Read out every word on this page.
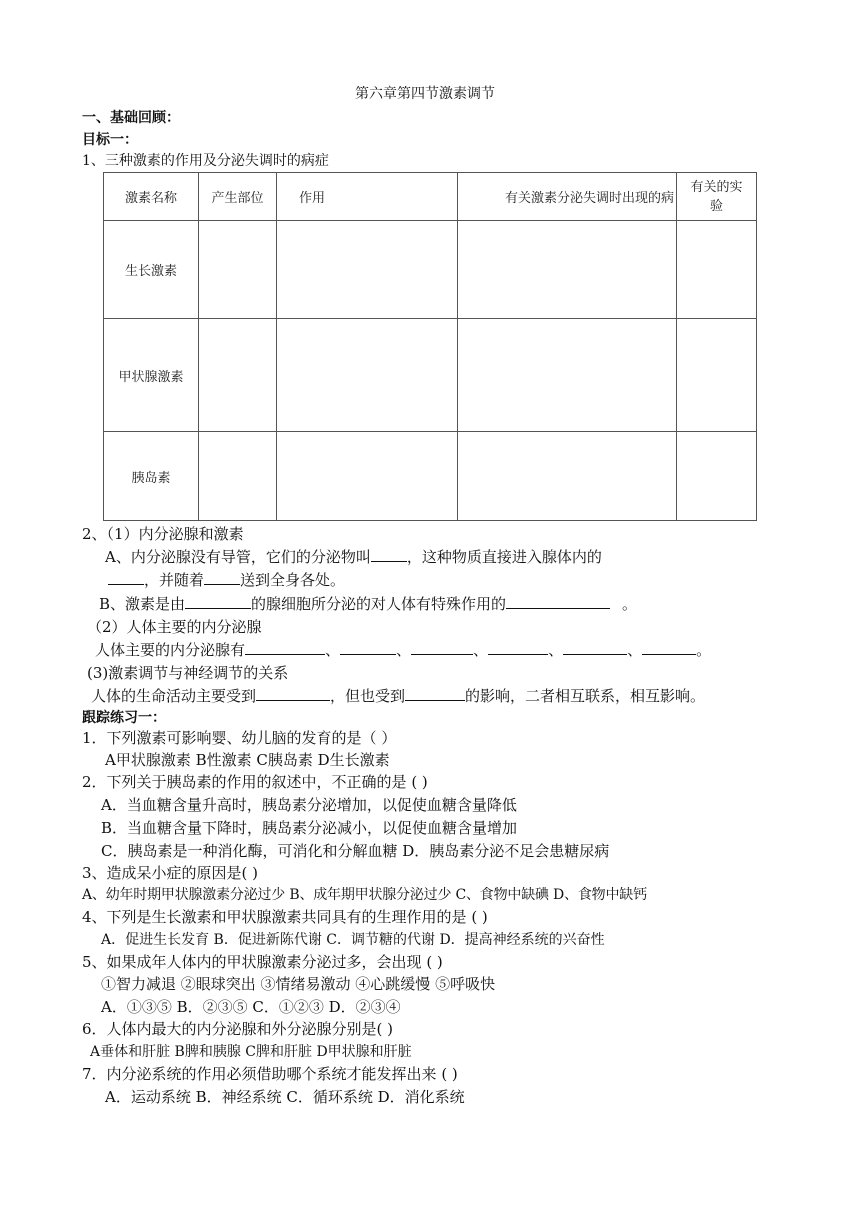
第六章第四节激素调节
一、基础回顾：
目标一：
1、三种激素的作用及分泌失调时的病症
激素名称	产生部位	作用	有关激素分泌失调时出现的病	有关的实
验
生长激素				
甲状腺激素				
胰岛素				
2、（1）内分泌腺和激素
A、内分泌腺没有导管，它们的分泌物叫 ，这种物质直接进入腺体内的
，并随着 送到全身各处。
B、激素是由	的腺细胞所分泌的对人体有特殊作用的	。
（2）人体主要的内分泌腺
人体主要的内分泌腺有	、	、	、	、	、	。
(3)激素调节与神经调节的关系
人体的生命活动主要受到	，但也受到	的影响，二者相互联系，相互影响。
跟踪练习一：
1．下列激素可影响婴、幼儿脑的发育的是（ ）
A甲状腺激素 B性激素 C胰岛素 D生长激素
2．下列关于胰岛素的作用的叙述中，不正确的是 ( )
A．当血糖含量升高时，胰岛素分泌增加，以促使血糖含量降低
B．当血糖含量下降时，胰岛素分泌减小，以促使血糖含量增加
C．胰岛素是一种消化酶，可消化和分解血糖 D．胰岛素分泌不足会患糖尿病
3、造成呆小症的原因是( )
A、幼年时期甲状腺激素分泌过少 B、成年期甲状腺分泌过少 C、食物中缺碘 D、食物中缺钙
4、下列是生长激素和甲状腺激素共同具有的生理作用的是 ( )
A．促进生长发育 B．促进新陈代谢 C．调节糖的代谢 D．提高神经系统的兴奋性
5、如果成年人体内的甲状腺激素分泌过多，会出现 ( )
①智力减退 ②眼球突出 ③情绪易激动 ④心跳缓慢 ⑤呼吸快
A．①③⑤ B．②③⑤ C．①②③ D．②③④
6．人体内最大的内分泌腺和外分泌腺分别是( )
A垂体和肝脏 B脾和胰腺 C脾和肝脏 D甲状腺和肝脏
7．内分泌系统的作用必须借助哪个系统才能发挥出来 ( )
A．运动系统 B．神经系统 C．循环系统 D．消化系统
